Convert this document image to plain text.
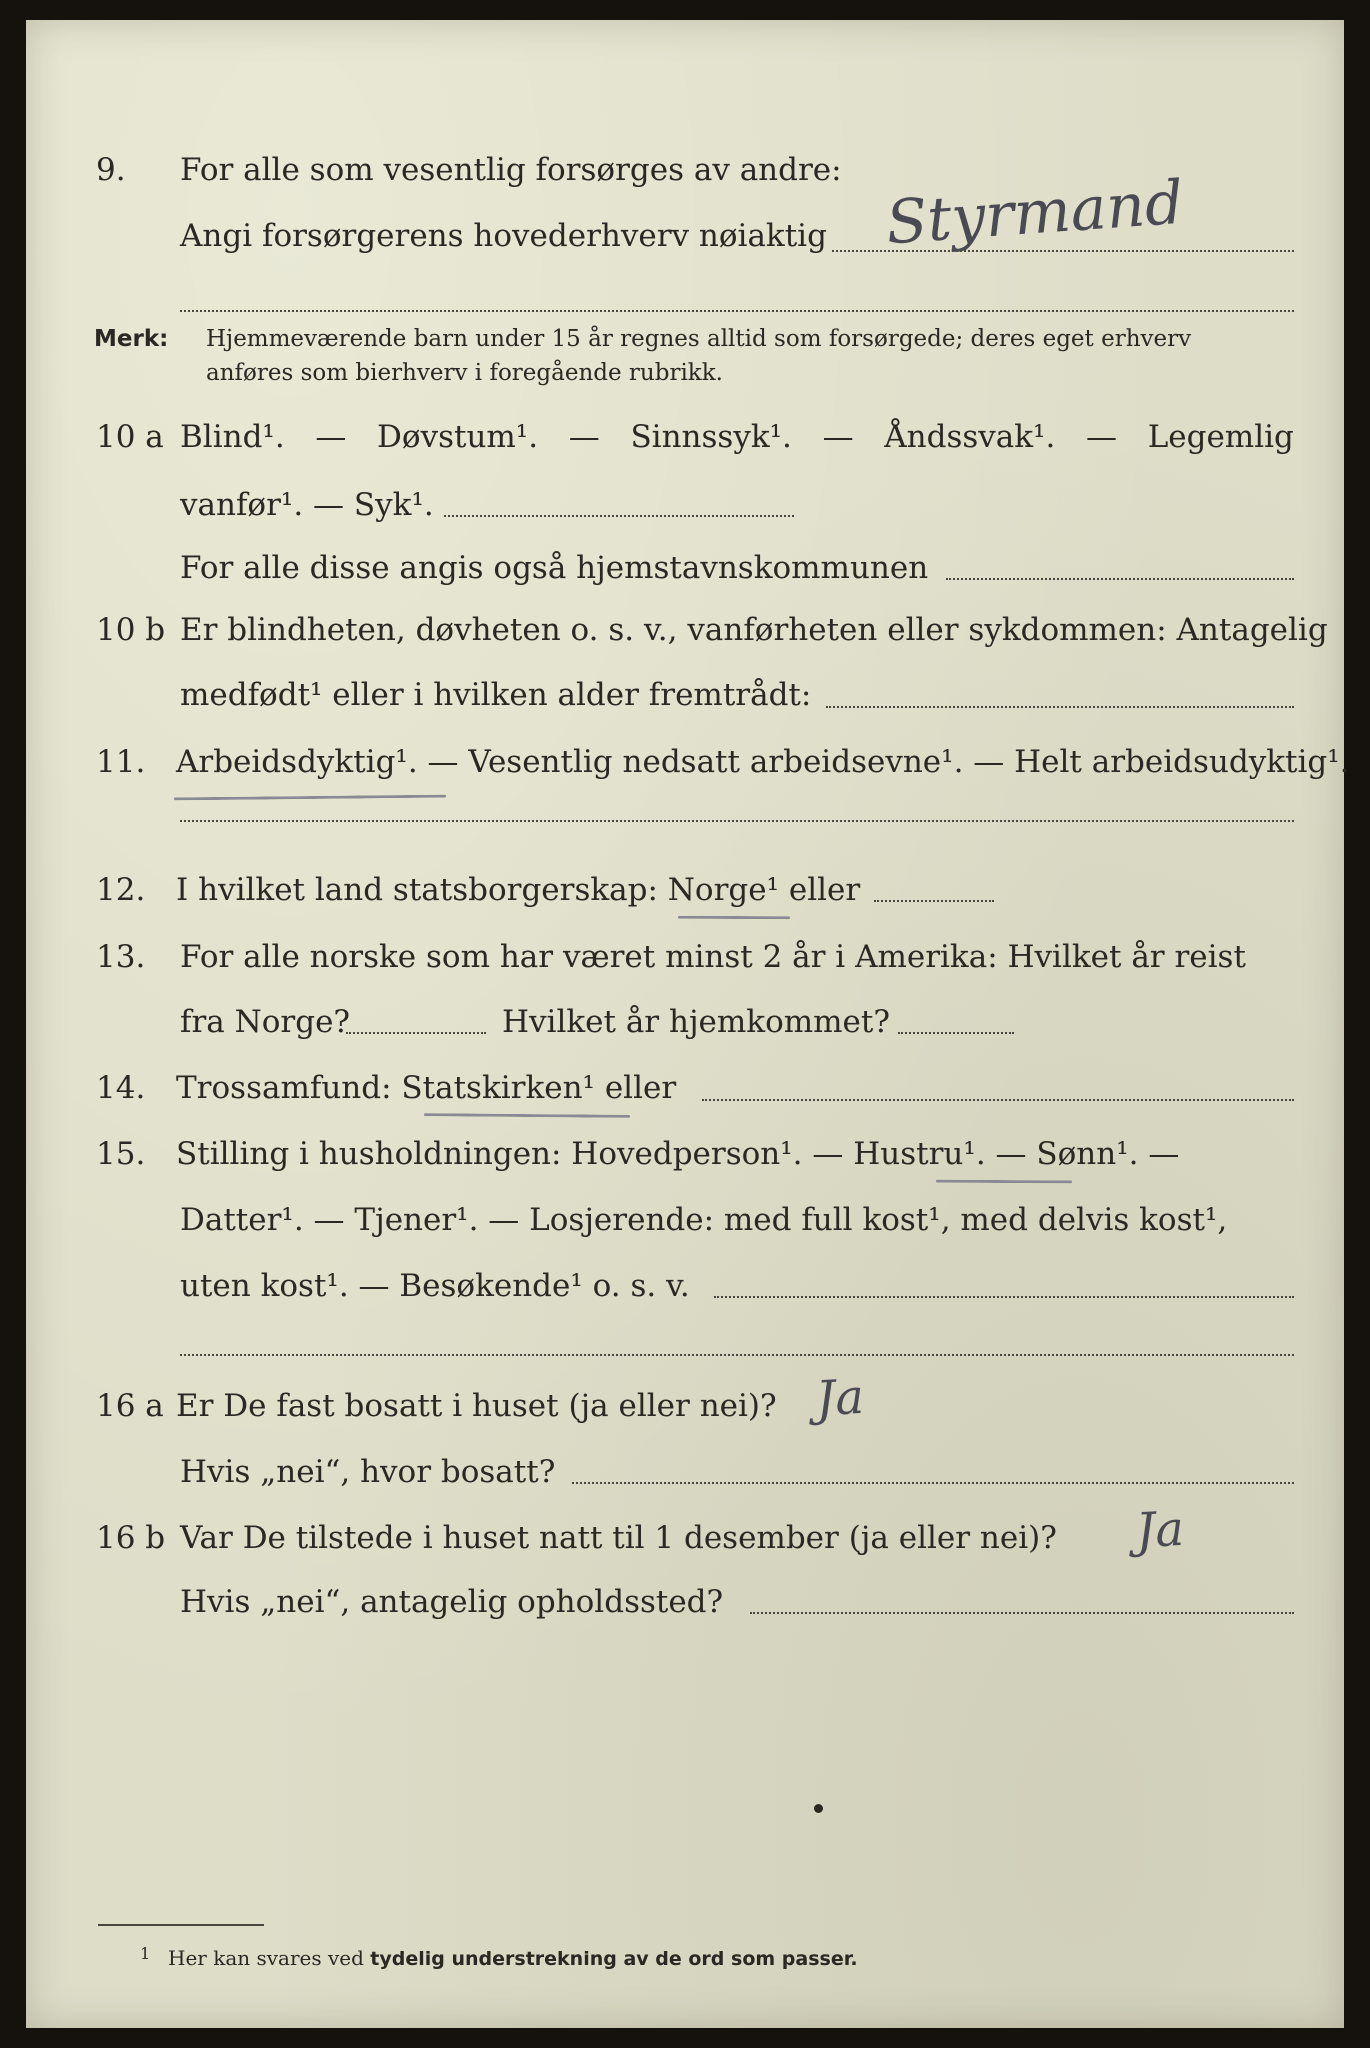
9.	For alle som vesentlig forsørges av andre:
Angi forsørgerens hovederhverv nøiaktig Styrmand
Merk: Hjemmeværende barn under 15 år regnes alltid som forsørgede; deres eget erhverv
anføres som bierhverv i foregående rubrikk.
10 a Blind¹. — Døvstum¹. — Sinnssyk¹. — Åndssvak¹. — Legemlig
vanfør¹. — Syk¹.
For alle disse angis også hjemstavnskommunen
10 b Er blindheten, døvheten o. s. v., vanførheten eller sykdommen: Antagelig
medfødt¹ eller i hvilken alder fremtrådt:
11. Arbeidsdyktig¹. — Vesentlig nedsatt arbeidsevne¹. — Helt arbeidsudyktig¹.
12. I hvilket land statsborgerskap: Norge¹ eller
13.	For alle norske som har været minst 2 år i Amerika: Hvilket år reist
fra Norge?	Hvilket år hjemkommet?
14. Trossamfund: Statskirken¹ eller
15. Stilling i husholdningen: Hovedperson¹. — Hustru¹. — Sønn¹. —
Datter¹. — Tjener¹. — Losjerende: med full kost¹, med delvis kost¹,
uten kost¹. — Besøkende¹ o. s. v.
16 a Er De fast bosatt i huset (ja eller nei)? Ja
Hvis „nei“, hvor bosatt?
16 b Var De tilstede i huset natt til 1 desember (ja eller nei)? Ja
Hvis „nei“, antagelig opholdssted?
1 Her kan svares ved tydelig understrekning av de ord som passer.
